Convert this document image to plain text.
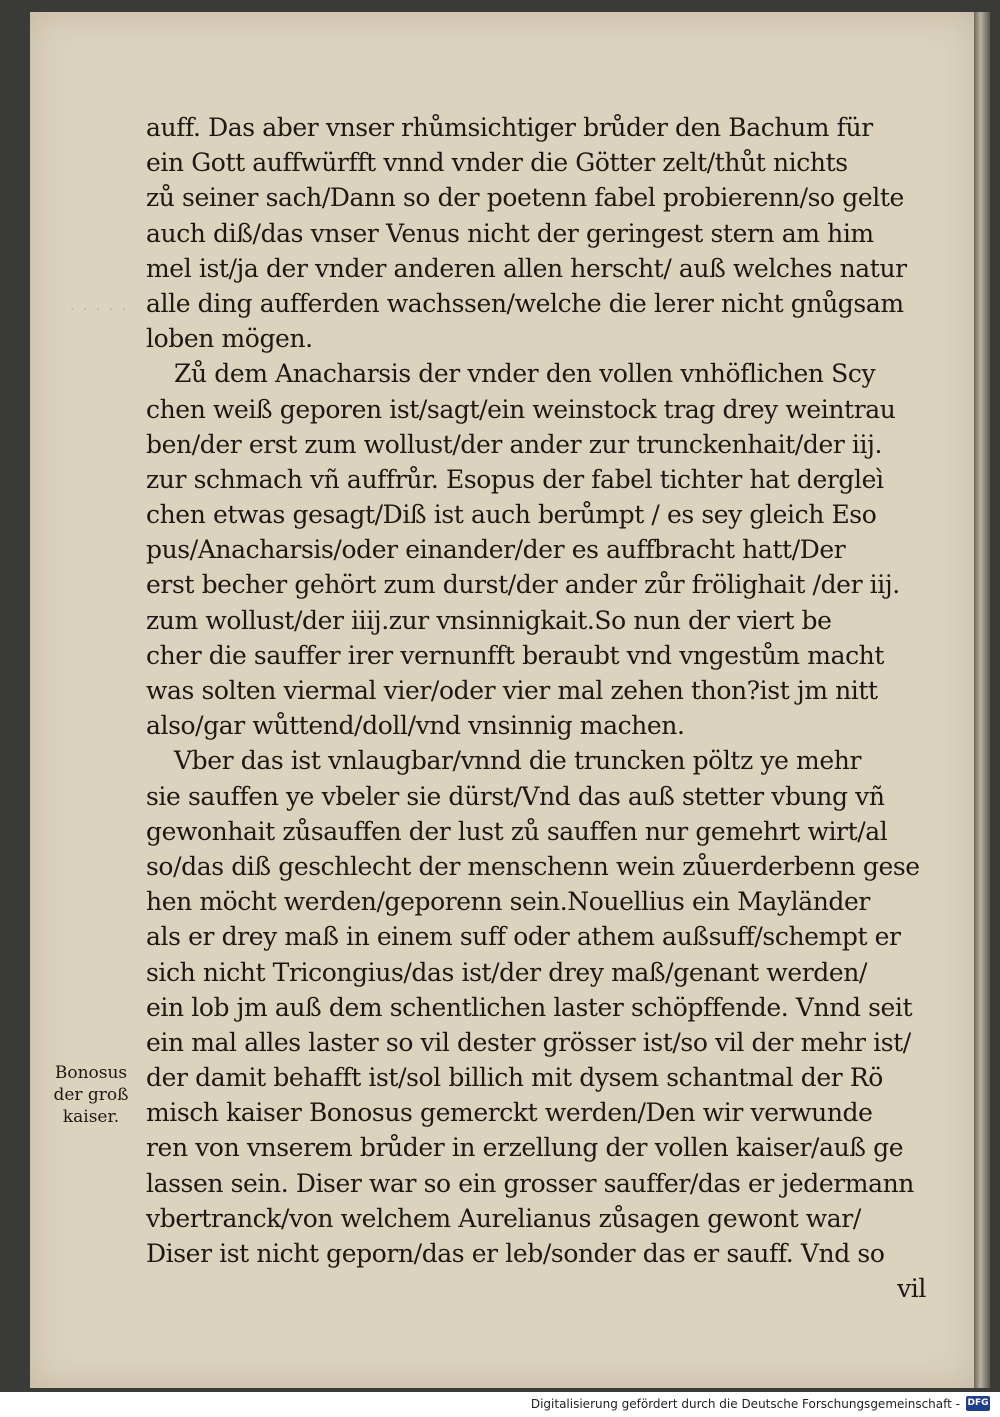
· · · · ·
auff. Das aber vnser rhůmsichtiger brůder den Bachum für
ein Gott auffwürfft vnnd vnder die Götter zelt/thůt nichts
zů seiner sach/Dann so der poetenn fabel probierenn/so gelte
auch diß/das vnser Venus nicht der geringest stern am him
mel ist/ja der vnder anderen allen herscht/ auß welches natur
alle ding aufferden wachssen/welche die lerer nicht gnůgsam
loben mögen.
Zů dem Anacharsis der vnder den vollen vnhöflichen Scy
chen weiß geporen ist/sagt/ein weinstock trag drey weintrau
ben/der erst zum wollust/der ander zur trunckenhait/der iij.
zur schmach vñ auffrůr. Esopus der fabel tichter hat dergleì
chen etwas gesagt/Diß ist auch berůmpt / es sey gleich Eso
pus/Anacharsis/oder einander/der es auffbracht hatt/Der
erst becher gehört zum durst/der ander zůr frölighait /der iij.
zum wollust/der iiij.zur vnsinnigkait.So nun der viert be
cher die sauffer irer vernunfft beraubt vnd vngestům macht
was solten viermal vier/oder vier mal zehen thon?ist jm nitt
also/gar wůttend/doll/vnd vnsinnig machen.
Vber das ist vnlaugbar/vnnd die truncken pöltz ye mehr
sie sauffen ye vbeler sie dürst/Vnd das auß stetter vbung vñ
gewonhait zůsauffen der lust zů sauffen nur gemehrt wirt/al
so/das diß geschlecht der menschenn wein zůuerderbenn gese
hen möcht werden/geporenn sein.Nouellius ein Mayländer
als er drey maß in einem suff oder athem außsuff/schempt er
sich nicht Tricongius/das ist/der drey maß/genant werden/
ein lob jm auß dem schentlichen laster schöpffende. Vnnd seit
ein mal alles laster so vil dester grösser ist/so vil der mehr ist/
der damit behafft ist/sol billich mit dysem schantmal der Rö
misch kaiser Bonosus gemerckt werden/Den wir verwunde
ren von vnserem brůder in erzellung der vollen kaiser/auß ge
lassen sein. Diser war so ein grosser sauffer/das er jedermann
vbertranck/von welchem Aurelianus zůsagen gewont war/
Diser ist nicht geporn/das er leb/sonder das er sauff. Vnd so
vil
Bonosus
der groß
kaiser.
Digitalisierung gefördert durch die Deutsche Forschungsgemeinschaft - DFG
